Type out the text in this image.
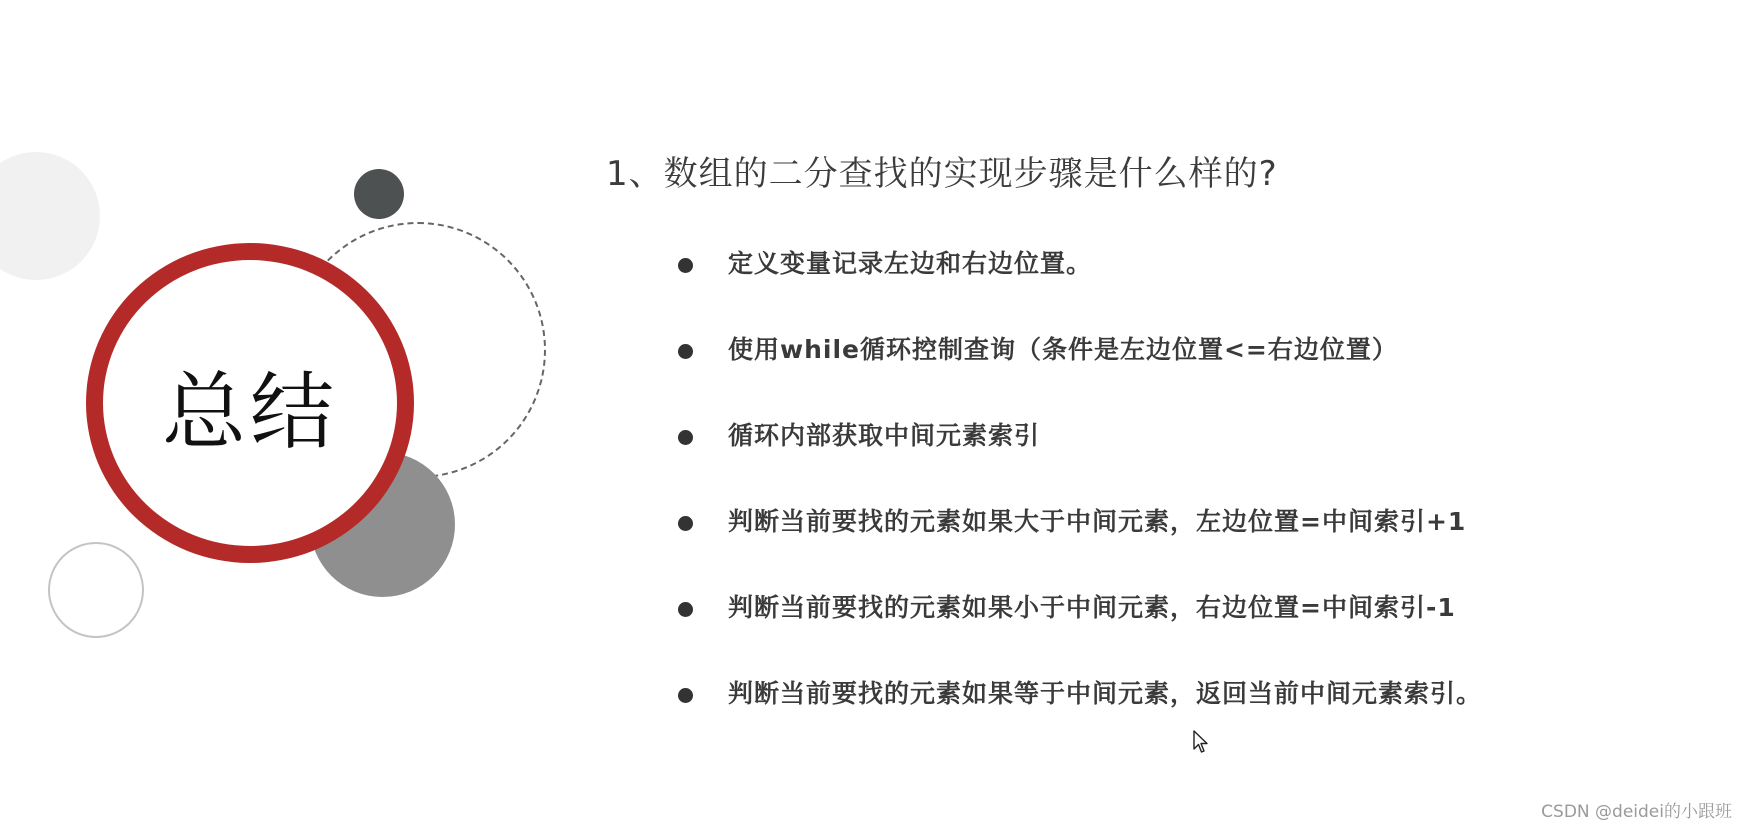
总结
1、数组的二分查找的实现步骤是什么样的?
定义变量记录左边和右边位置。
使用while循环控制查询（条件是左边位置<=右边位置）
循环内部获取中间元素索引
判断当前要找的元素如果大于中间元素，左边位置=中间索引+1
判断当前要找的元素如果小于中间元素，右边位置=中间索引-1
判断当前要找的元素如果等于中间元素，返回当前中间元素索引。
CSDN @deidei的小跟班
